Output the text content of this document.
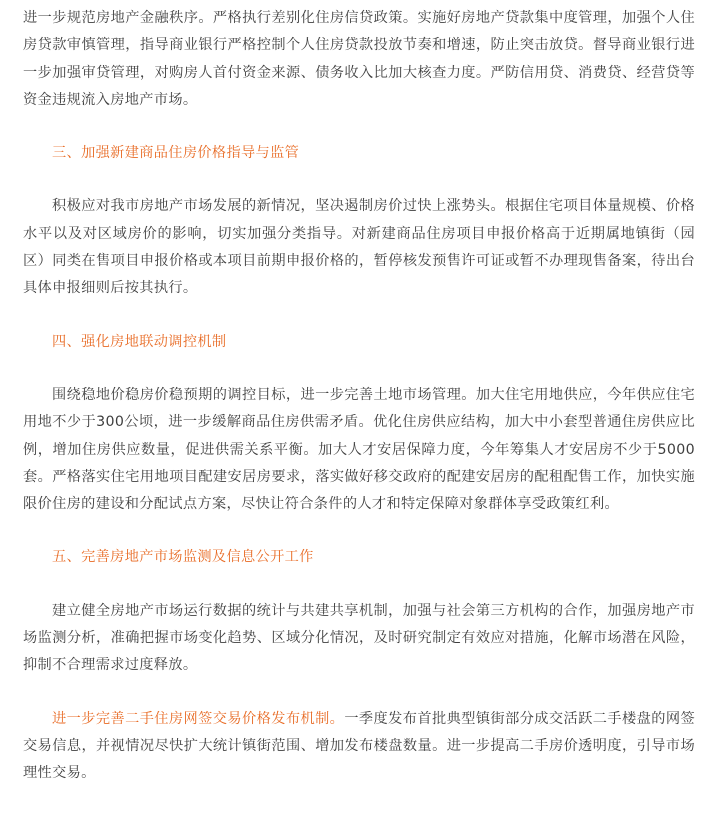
进一步规范房地产金融秩序。严格执行差别化住房信贷政策。实施好房地产贷款集中度管理，加强个人住房贷款审慎管理，指导商业银行严格控制个人住房贷款投放节奏和增速，防止突击放贷。督导商业银行进一步加强审贷管理，对购房人首付资金来源、债务收入比加大核查力度。严防信用贷、消费贷、经营贷等资金违规流入房地产市场。

三、加强新建商品住房价格指导与监管

积极应对我市房地产市场发展的新情况，坚决遏制房价过快上涨势头。根据住宅项目体量规模、价格水平以及对区域房价的影响，切实加强分类指导。对新建商品住房项目申报价格高于近期属地镇街（园区）同类在售项目申报价格或本项目前期申报价格的，暂停核发预售许可证或暂不办理现售备案，待出台具体申报细则后按其执行。

四、强化房地联动调控机制

围绕稳地价稳房价稳预期的调控目标，进一步完善土地市场管理。加大住宅用地供应，今年供应住宅用地不少于300公顷，进一步缓解商品住房供需矛盾。优化住房供应结构，加大中小套型普通住房供应比例，增加住房供应数量，促进供需关系平衡。加大人才安居保障力度，今年筹集人才安居房不少于5000套。严格落实住宅用地项目配建安居房要求，落实做好移交政府的配建安居房的配租配售工作，加快实施限价住房的建设和分配试点方案，尽快让符合条件的人才和特定保障对象群体享受政策红利。

五、完善房地产市场监测及信息公开工作

建立健全房地产市场运行数据的统计与共建共享机制，加强与社会第三方机构的合作，加强房地产市场监测分析，准确把握市场变化趋势、区域分化情况，及时研究制定有效应对措施，化解市场潜在风险，抑制不合理需求过度释放。

进一步完善二手住房网签交易价格发布机制。一季度发布首批典型镇街部分成交活跃二手楼盘的网签交易信息，并视情况尽快扩大统计镇街范围、增加发布楼盘数量。进一步提高二手房价透明度，引导市场理性交易。
